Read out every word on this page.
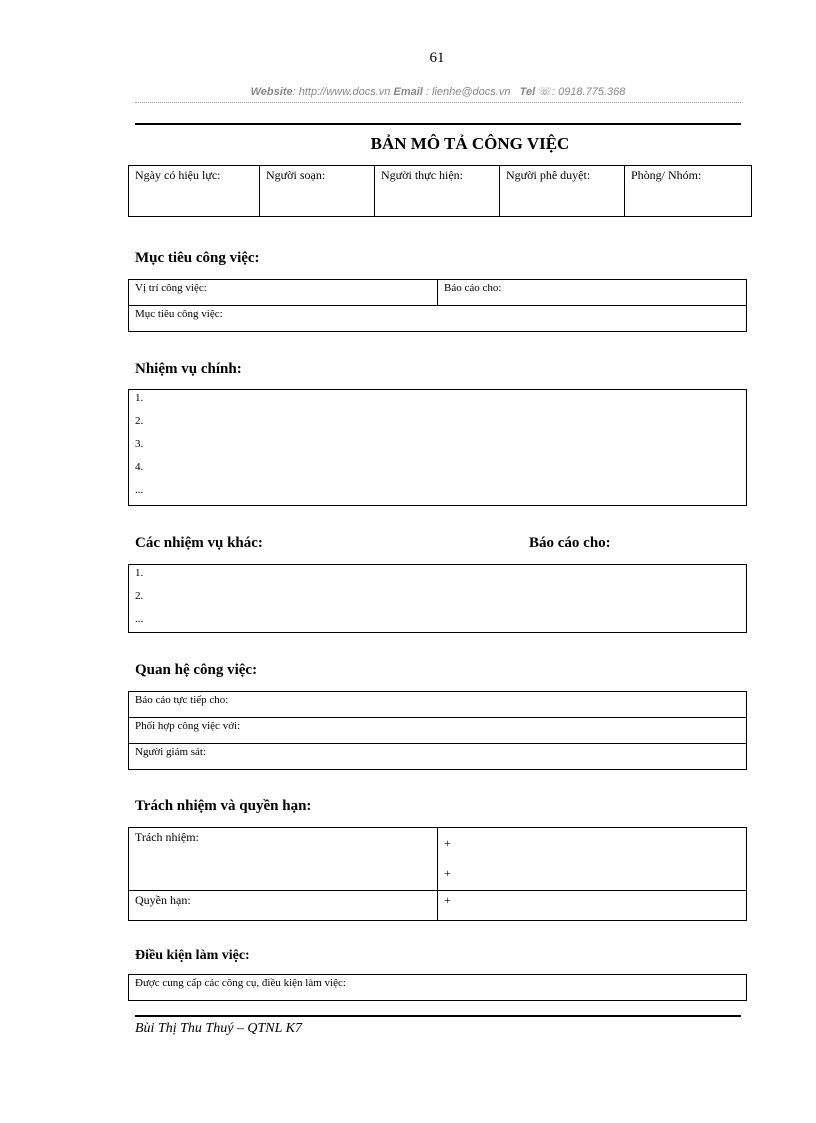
61
Website: http://www.docs.vn Email : lienhe@docs.vn Tel ☏: 0918.775.368
BẢN MÔ TẢ CÔNG VIỆC
Ngày có hiệu lực:	Người soạn:	Người thực hiện:	Người phê duyệt:	Phòng/ Nhóm:
Mục tiêu công việc:
Vị trí công việc:	Báo cáo cho:
Mục tiêu công việc:
Nhiệm vụ chính:
1.
2.
3.
4.
...
Các nhiệm vụ khác:	Báo cáo cho:
1.
2.
...
Quan hệ công việc:
Báo cáo tực tiếp cho:
Phối hợp công việc với:
Người giám sát:
Trách nhiệm và quyền hạn:
Trách nhiệm:	+
+

Quyền hạn:	+
Điều kiện làm việc:
Được cung cấp các công cụ, điều kiện làm việc:
Bùi Thị Thu Thuý – QTNL K7
